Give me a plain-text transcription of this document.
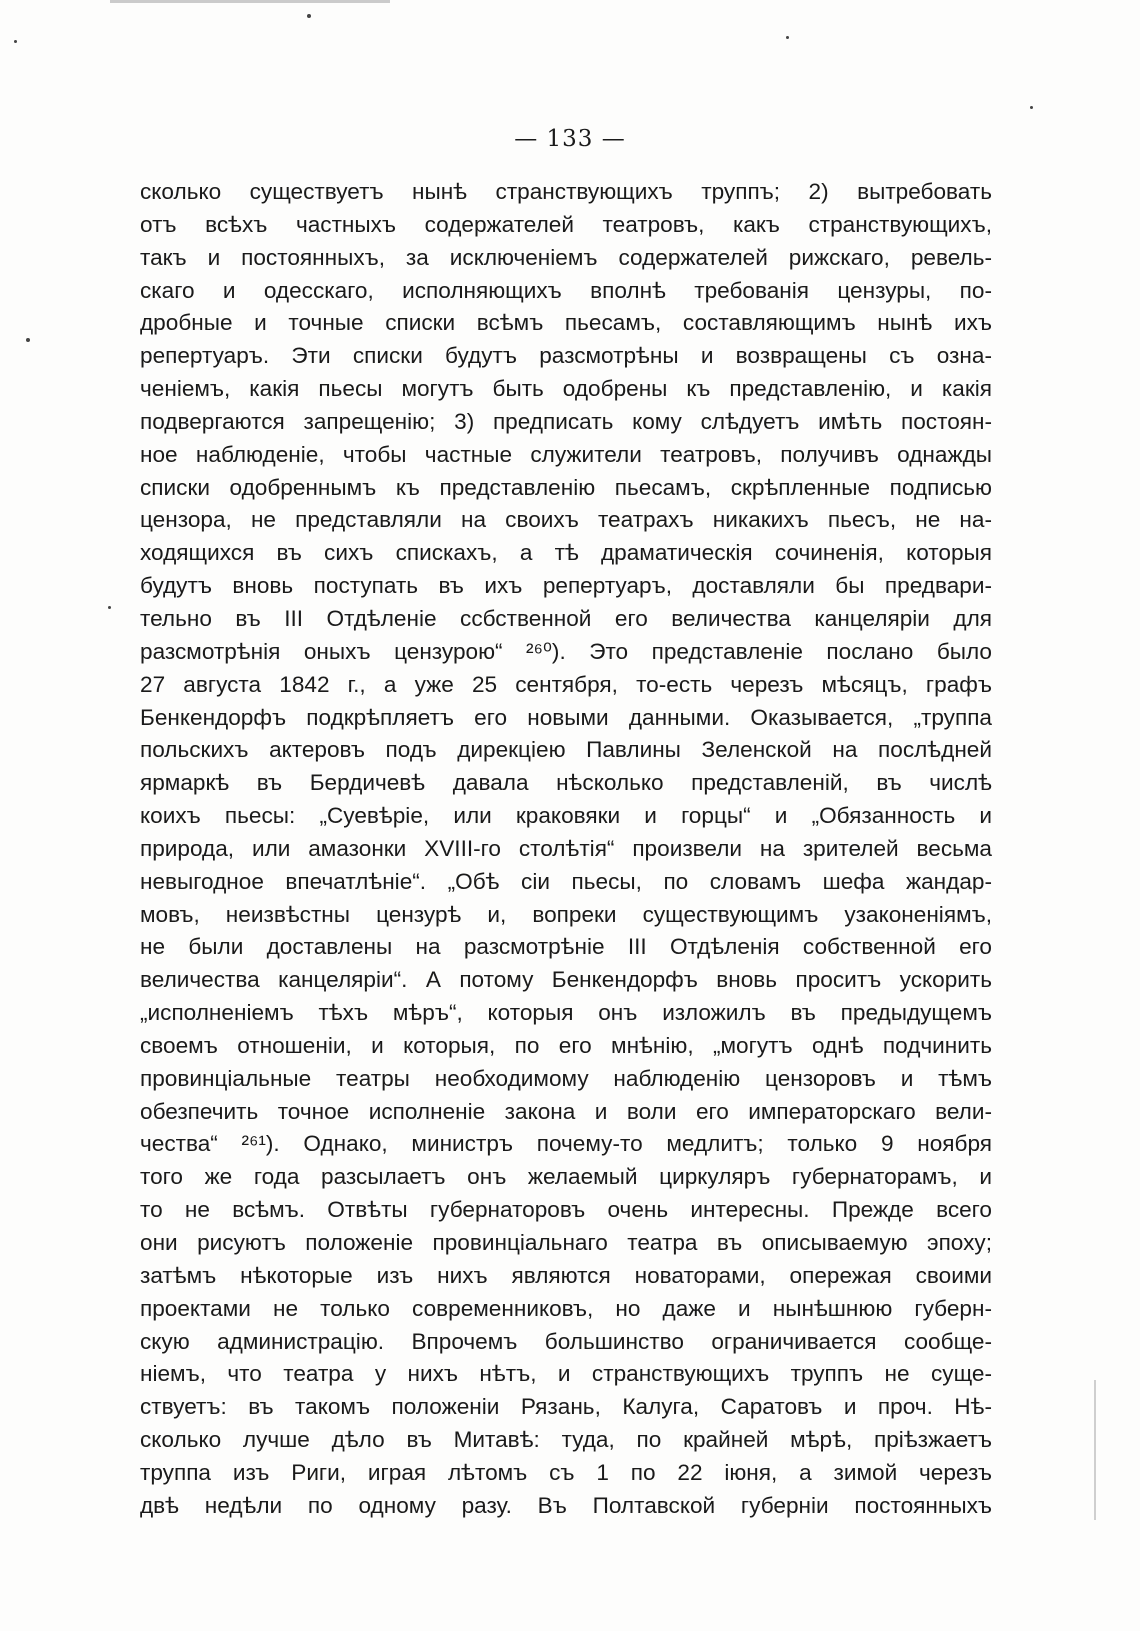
— 133 —
сколько существуетъ нынѣ странствующихъ труппъ; 2) вытребовать
отъ всѣхъ частныхъ содержателей театровъ, какъ странствующихъ,
такъ и постоянныхъ, за исключеніемъ содержателей рижскаго, ревель-
скаго и одесскаго, исполняющихъ вполнѣ требованія цензуры, по-
дробные и точные списки всѣмъ пьесамъ, составляющимъ нынѣ ихъ
репертуаръ. Эти списки будутъ разсмотрѣны и возвращены съ озна-
ченіемъ, какія пьесы могутъ быть одобрены къ представленію, и какія
подвергаются запрещенію; 3) предписать кому слѣдуетъ имѣть постоян-
ное наблюденіе, чтобы частные служители театровъ, получивъ однажды
списки одобреннымъ къ представленію пьесамъ, скрѣпленные подписью
цензора, не представляли на своихъ театрахъ никакихъ пьесъ, не на-
ходящихся въ сихъ спискахъ, а тѣ драматическія сочиненія, которыя
будутъ вновь поступать въ ихъ репертуаръ, доставляли бы предвари-
тельно въ III Отдѣленіе ссбственной его величества канцеляріи для
разсмотрѣнія оныхъ цензурою“ ²⁶⁰). Это представленіе послано было
27 августа 1842 г., а уже 25 сентября, то-есть черезъ мѣсяцъ, графъ
Бенкендорфъ подкрѣпляетъ его новыми данными. Оказывается, „труппа
польскихъ актеровъ подъ дирекціею Павлины Зеленской на послѣдней
ярмаркѣ въ Бердичевѣ давала нѣсколько представленій, въ числѣ
коихъ пьесы: „Суевѣріе, или краковяки и горцы“ и „Обязанность и
природа, или амазонки XVIII-го столѣтія“ произвели на зрителей весьма
невыгодное впечатлѣніе“. „Обѣ сіи пьесы, по словамъ шефа жандар-
мовъ, неизвѣстны цензурѣ и, вопреки существующимъ узаконеніямъ,
не были доставлены на разсмотрѣніе III Отдѣленія собственной его
величества канцеляріи“. А потому Бенкендорфъ вновь проситъ ускорить
„исполненіемъ тѣхъ мѣръ“, которыя онъ изложилъ въ предыдущемъ
своемъ отношеніи, и которыя, по его мнѣнію, „могутъ однѣ подчинить
провинціальные театры необходимому наблюденію цензоровъ и тѣмъ
обезпечить точное исполненіе закона и воли его императорскаго вели-
чества“ ²⁶¹). Однако, министръ почему-то медлитъ; только 9 ноября
того же года разсылаетъ онъ желаемый циркуляръ губернаторамъ, и
то не всѣмъ. Отвѣты губернаторовъ очень интересны. Прежде всего
они рисуютъ положеніе провинціальнаго театра въ описываемую эпоху;
затѣмъ нѣкоторые изъ нихъ являются новаторами, опережая своими
проектами не только современниковъ, но даже и нынѣшнюю губерн-
скую администрацію. Впрочемъ большинство ограничивается сообще-
ніемъ, что театра у нихъ нѣтъ, и странствующихъ труппъ не суще-
ствуетъ: въ такомъ положеніи Рязань, Калуга, Саратовъ и проч. Нѣ-
сколько лучше дѣло въ Митавѣ: туда, по крайней мѣрѣ, пріѣзжаетъ
труппа изъ Риги, играя лѣтомъ съ 1 по 22 іюня, а зимой черезъ
двѣ недѣли по одному разу. Въ Полтавской губерніи постоянныхъ
